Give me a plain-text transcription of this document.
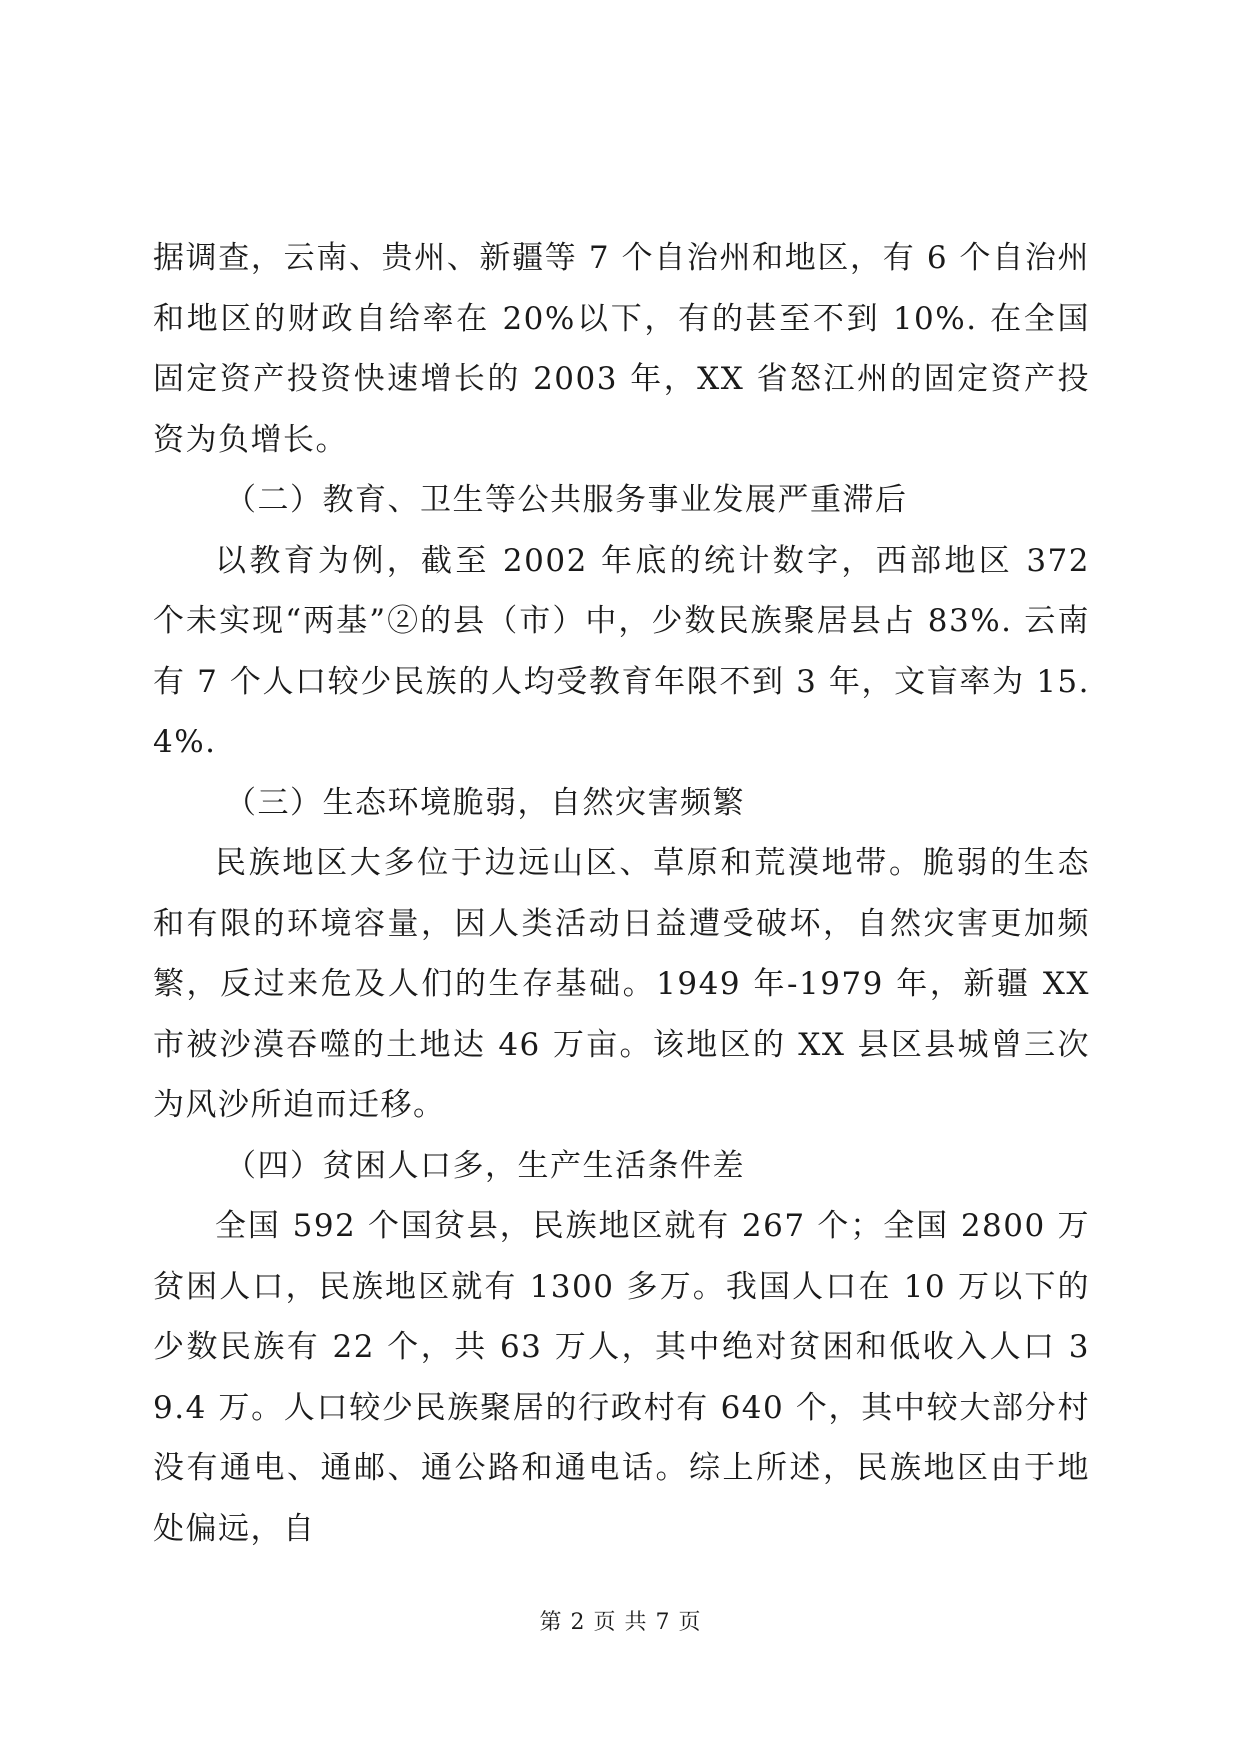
据调查，云南、贵州、新疆等 7 个自治州和地区，有 6 个自治州和地区的财政自给率在 20%以下，有的甚至不到 10%. 在全国固定资产投资快速增长的 2003 年，XX 省怒江州的固定资产投资为负增长。

（二）教育、卫生等公共服务事业发展严重滞后

以教育为例，截至 2002 年底的统计数字，西部地区 372 个未实现“两基”②的县（市）中，少数民族聚居县占 83%. 云南有 7 个人口较少民族的人均受教育年限不到 3 年，文盲率为 15.4%.

（三）生态环境脆弱，自然灾害频繁

民族地区大多位于边远山区、草原和荒漠地带。脆弱的生态和有限的环境容量，因人类活动日益遭受破坏，自然灾害更加频繁，反过来危及人们的生存基础。1949 年-1979 年，新疆 XX 市被沙漠吞噬的土地达 46 万亩。该地区的 XX 县区县城曾三次为风沙所迫而迁移。

（四）贫困人口多，生产生活条件差

全国 592 个国贫县，民族地区就有 267 个；全国 2800 万贫困人口，民族地区就有 1300 多万。我国人口在 10 万以下的少数民族有 22 个，共 63 万人，其中绝对贫困和低收入人口 39.4 万。人口较少民族聚居的行政村有 640 个，其中较大部分村没有通电、通邮、通公路和通电话。综上所述，民族地区由于地处偏远，自

第 2 页 共 7 页
